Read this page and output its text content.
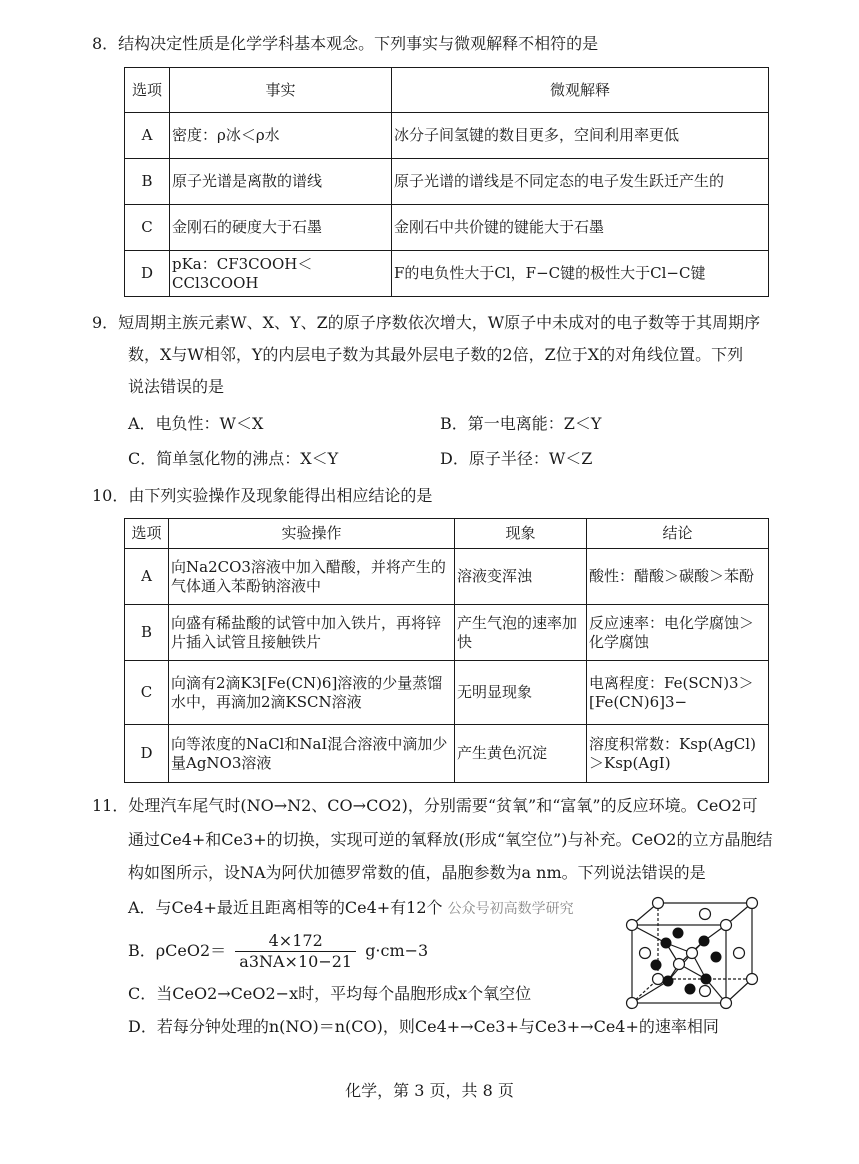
8．结构决定性质是化学学科基本观念。下列事实与微观解释不相符的是
选项	事实	微观解释
A	密度：ρ冰＜ρ水	冰分子间氢键的数目更多，空间利用率更低
B	原子光谱是离散的谱线	原子光谱的谱线是不同定态的电子发生跃迁产生的
C	金刚石的硬度大于石墨	金刚石中共价键的键能大于石墨
D	pKa：CF3COOH＜CCl3COOH	F的电负性大于Cl，F−C键的极性大于Cl−C键
9．短周期主族元素W、X、Y、Z的原子序数依次增大，W原子中未成对的电子数等于其周期序
数，X与W相邻，Y的内层电子数为其最外层电子数的2倍，Z位于X的对角线位置。下列
说法错误的是
A．电负性：W＜X	B．第一电离能：Z＜Y
C．简单氢化物的沸点：X＜Y	D．原子半径：W＜Z
10．由下列实验操作及现象能得出相应结论的是
选项	实验操作	现象	结论
A	向Na2CO3溶液中加入醋酸，并将产生的气体通入苯酚钠溶液中	溶液变浑浊	酸性：醋酸＞碳酸＞苯酚
B	向盛有稀盐酸的试管中加入铁片，再将锌片插入试管且接触铁片	产生气泡的速率加快	反应速率：电化学腐蚀＞化学腐蚀
C	向滴有2滴K3[Fe(CN)6]溶液的少量蒸馏水中，再滴加2滴KSCN溶液	无明显现象	电离程度：Fe(SCN)3＞[Fe(CN)6]3−
D	向等浓度的NaCl和NaI混合溶液中滴加少量AgNO3溶液	产生黄色沉淀	溶度积常数：Ksp(AgCl)＞Ksp(AgI)
11．处理汽车尾气时(NO→N2、CO→CO2)，分别需要“贫氧”和“富氧”的反应环境。CeO2可
通过Ce4+和Ce3+的切换，实现可逆的氧释放(形成“氧空位”)与补充。CeO2的立方晶胞结
构如图所示，设NA为阿伏加德罗常数的值，晶胞参数为a nm。下列说法错误的是
A．与Ce4+最近且距离相等的Ce4+有12个 公众号初高数学研究
B．$\rho CeO2= \frac{4\times 172}{a3NA\times 10-21} g\cdot cm-3$
C．当CeO2→CeO2−x时，平均每个晶胞形成x个氧空位
D．若每分钟处理的n(NO)＝n(CO)，则Ce4+→Ce3+与Ce3+→Ce4+的速率相同
化学，第 3 页，共 8 页
